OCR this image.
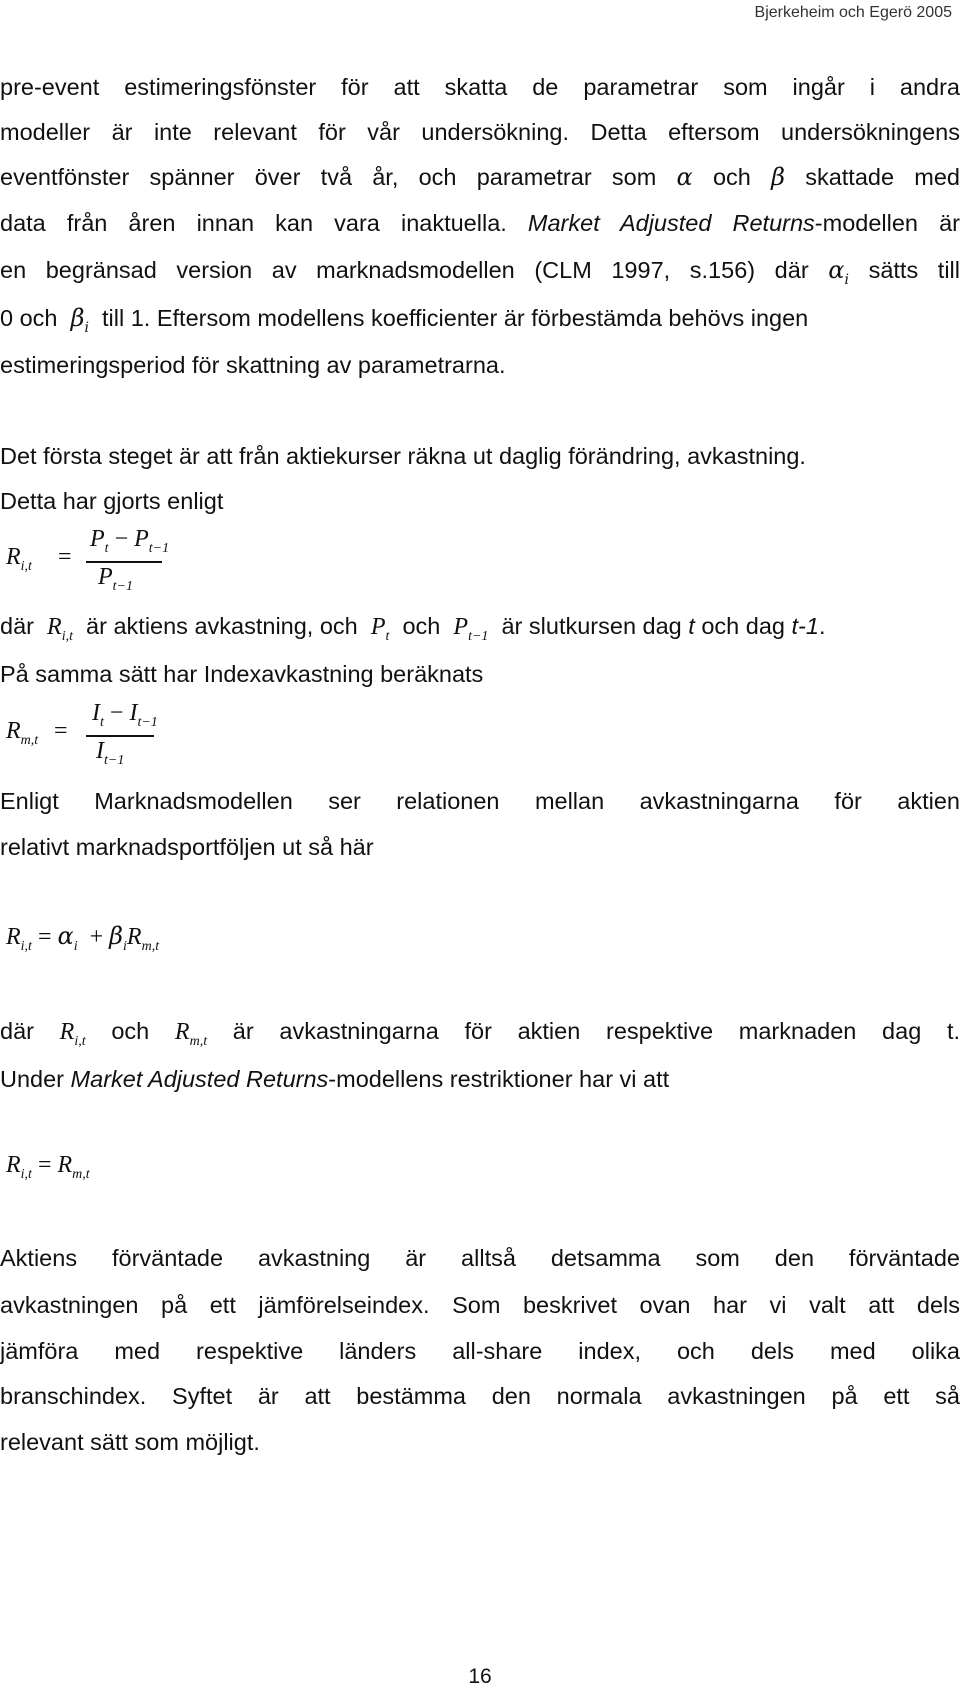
Bjerkeheim och Egerö 2005
pre-event estimeringsfönster för att skatta de parametrar som ingår i andra
modeller är inte relevant för vår undersökning. Detta eftersom undersökningens
eventfönster spänner över två år, och parametrar som α och β skattade med
data från åren innan kan vara inaktuella. Market Adjusted Returns-modellen är
en begränsad version av marknadsmodellen (CLM 1997, s.156) där $\alpha_i$ sätts till
0 och $\beta_i$ till 1. Eftersom modellens koefficienter är förbestämda behövs ingen
estimeringsperiod för skattning av parametrarna.
Det första steget är att från aktiekurser räkna ut daglig förändring, avkastning.
Detta har gjorts enligt
$R_{i,t}$ =
$P_t - P_{t-1}$
$P_{t-1}$
där $R_{i,t}$ är aktiens avkastning, och $P_t$ och $P_{t-1}$ är slutkursen dag t och dag t-1.
På samma sätt har Indexavkastning beräknats
$R_{m,t}$ =
$I_t - I_{t-1}$
$I_{t-1}$
Enligt Marknadsmodellen ser relationen mellan avkastningarna för aktien
relativt marknadsportföljen ut så här
$R_{i,t} = \alpha_i + \beta_iR_{m,t}$
där $R_{i,t}$ och $R_{m,t}$ är avkastningarna för aktien respektive marknaden dag t.
Under Market Adjusted Returns-modellens restriktioner har vi att
$R_{i,t} = R_{m,t}$
Aktiens förväntade avkastning är alltså detsamma som den förväntade
avkastningen på ett jämförelseindex. Som beskrivet ovan har vi valt att dels
jämföra med respektive länders all-share index, och dels med olika
branschindex. Syftet är att bestämma den normala avkastningen på ett så
relevant sätt som möjligt.
16
